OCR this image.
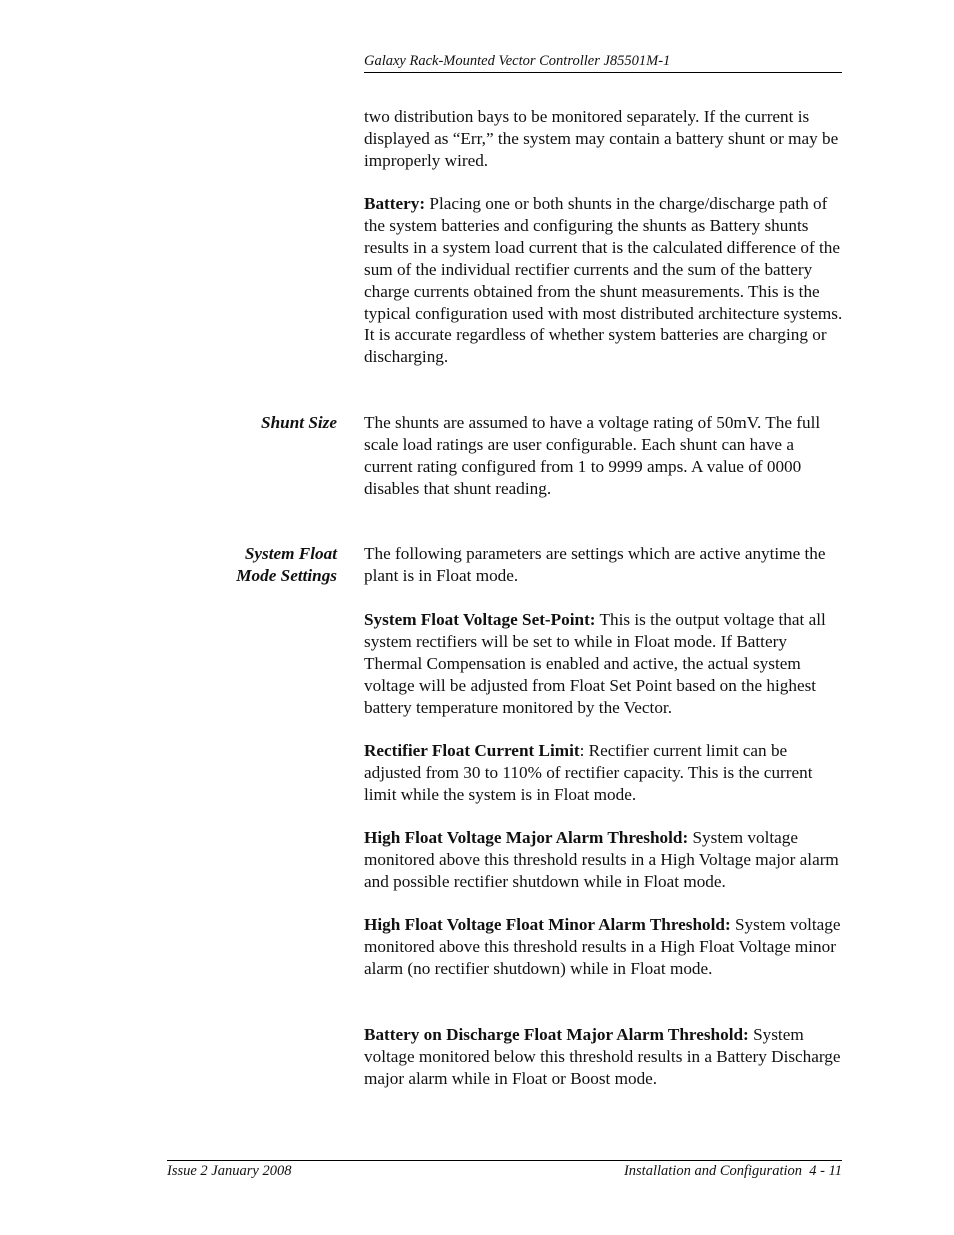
Galaxy Rack-Mounted Vector Controller J85501M-1

two distribution bays to be monitored separately. If the current is displayed as “Err,” the system may contain a battery shunt or may be improperly wired.

Battery: Placing one or both shunts in the charge/discharge path of the system batteries and configuring the shunts as Battery shunts results in a system load current that is the calculated difference of the sum of the individual rectifier currents and the sum of the battery charge currents obtained from the shunt measurements. This is the typical configuration used with most distributed architecture systems. It is accurate regardless of whether system batteries are charging or discharging.

Shunt Size The shunts are assumed to have a voltage rating of 50mV. The full scale load ratings are user configurable. Each shunt can have a current rating configured from 1 to 9999 amps. A value of 0000 disables that shunt reading.

System Float
Mode Settings

The following parameters are settings which are active anytime the plant is in Float mode.

System Float Voltage Set-Point: This is the output voltage that all system rectifiers will be set to while in Float mode. If Battery Thermal Compensation is enabled and active, the actual system voltage will be adjusted from Float Set Point based on the highest battery temperature monitored by the Vector.

Rectifier Float Current Limit: Rectifier current limit can be adjusted from 30 to 110% of rectifier capacity. This is the current limit while the system is in Float mode.

High Float Voltage Major Alarm Threshold: System voltage monitored above this threshold results in a High Voltage major alarm and possible rectifier shutdown while in Float mode.

High Float Voltage Float Minor Alarm Threshold: System voltage monitored above this threshold results in a High Float Voltage minor alarm (no rectifier shutdown) while in Float mode.

Battery on Discharge Float Major Alarm Threshold: System voltage monitored below this threshold results in a Battery Discharge major alarm while in Float or Boost mode.

Issue 2 January 2008	Installation and Configuration  4 - 11
